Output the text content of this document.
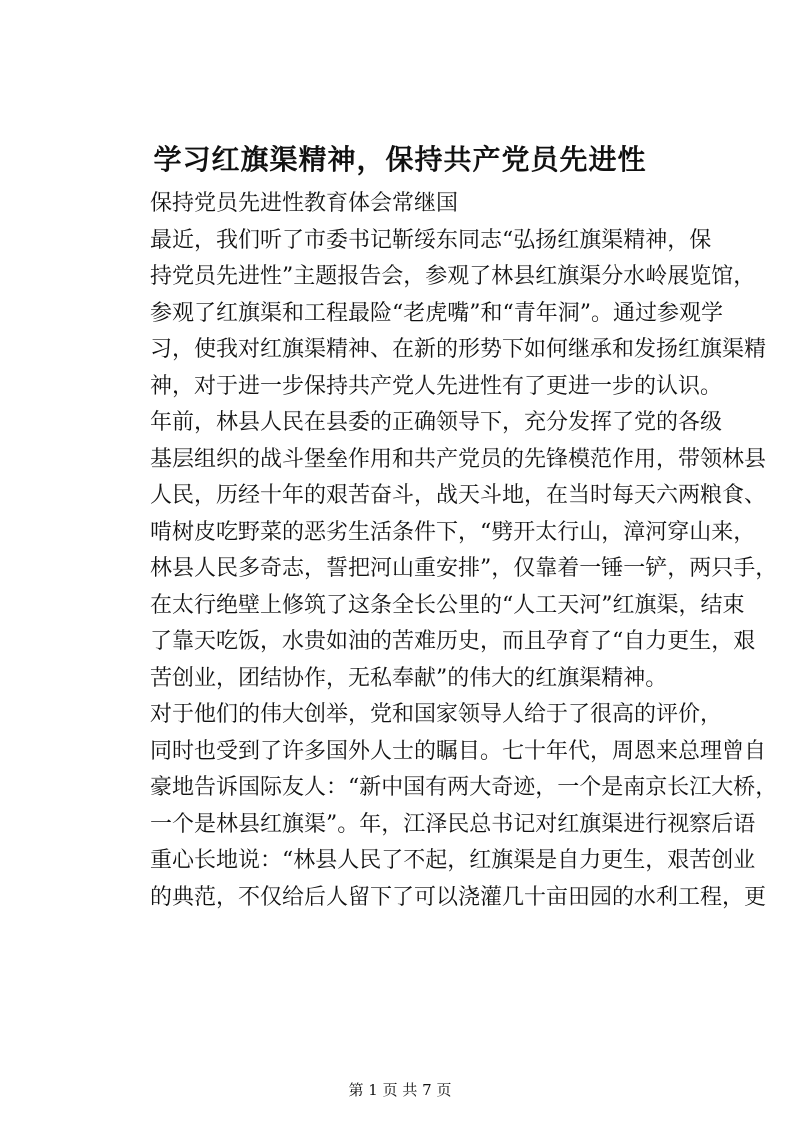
学习红旗渠精神，保持共产党员先进性

保持党员先进性教育体会常继国

最近，我们听了市委书记靳绥东同志“弘扬红旗渠精神，保
持党员先进性”主题报告会，参观了林县红旗渠分水岭展览馆，
参观了红旗渠和工程最险“老虎嘴”和“青年洞”。通过参观学
习，使我对红旗渠精神、在新的形势下如何继承和发扬红旗渠精
神，对于进一步保持共产党人先进性有了更进一步的认识。

年前，林县人民在县委的正确领导下，充分发挥了党的各级
基层组织的战斗堡垒作用和共产党员的先锋模范作用，带领林县
人民，历经十年的艰苦奋斗，战天斗地，在当时每天六两粮食、
啃树皮吃野菜的恶劣生活条件下，“劈开太行山，漳河穿山来，
林县人民多奇志，誓把河山重安排”，仅靠着一锤一铲，两只手，
在太行绝壁上修筑了这条全长公里的“人工天河”红旗渠，结束
了靠天吃饭，水贵如油的苦难历史，而且孕育了“自力更生，艰
苦创业，团结协作，无私奉献”的伟大的红旗渠精神。

对于他们的伟大创举，党和国家领导人给于了很高的评价，
同时也受到了许多国外人士的瞩目。七十年代，周恩来总理曾自
豪地告诉国际友人：“新中国有两大奇迹，一个是南京长江大桥，
一个是林县红旗渠”。年，江泽民总书记对红旗渠进行视察后语
重心长地说：“林县人民了不起，红旗渠是自力更生，艰苦创业
的典范，不仅给后人留下了可以浇灌几十亩田园的水利工程，更

第 1 页 共 7 页
